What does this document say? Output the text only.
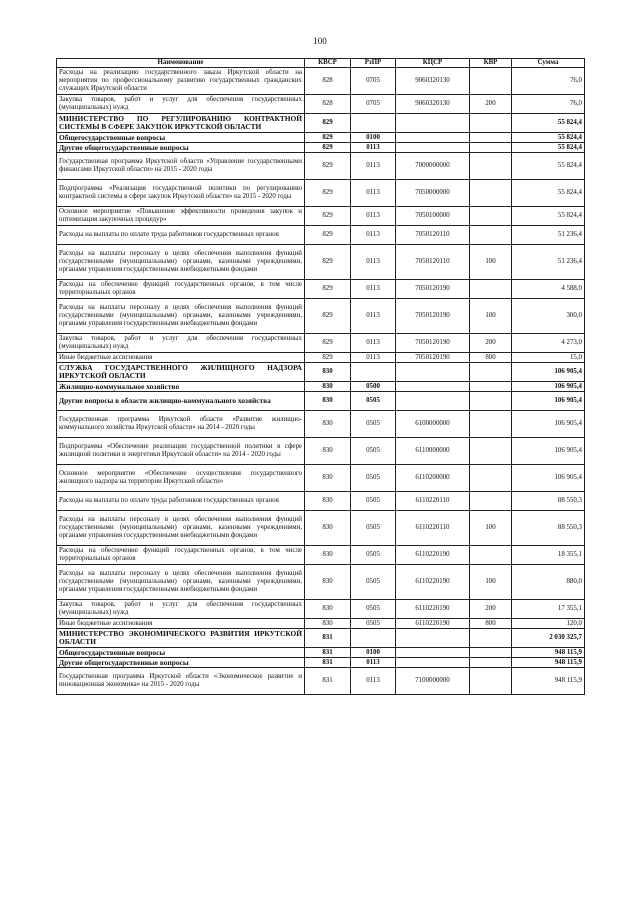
100
Наименование	КВСР	РзПР	КЦСР	КВР	Сумма
Расходы на реализацию государственного заказа Иркутской области на мероприятия по профессиональному развитию государственных гражданских служащих Иркутской области	828	0705	9060320130		76,0
Закупка товаров, работ и услуг для обеспечения государственных (муниципальных) нужд	828	0705	9060320130	200	76,0
МИНИСТЕРСТВО ПО РЕГУЛИРОВАНИЮ КОНТРАКТНОЙ СИСТЕМЫ В СФЕРЕ ЗАКУПОК ИРКУТСКОЙ ОБЛАСТИ	829				55 824,4
Общегосударственные вопросы	829	0100			55 824,4
Другие общегосударственные вопросы	829	0113			55 824,4
Государственная программа Иркутской области «Управление государственными финансами Иркутской области» на 2015 - 2020 годы	829	0113	7000000000		55 824,4
Подпрограмма «Реализация государственной политики по регулированию контрактной системы в сфере закупок Иркутской области» на 2015 - 2020 годы	829	0113	7050000000		55 824,4
Основное мероприятие «Повышение эффективности проведения закупок и оптимизация закупочных процедур»	829	0113	7050100000		55 824,4
Расходы на выплаты по оплате труда работников государственных органов	829	0113	7050120110		51 236,4
Расходы на выплаты персоналу в целях обеспечения выполнения функций государственными (муниципальными) органами, казенными учреждениями, органами управления государственными внебюджетными фондами	829	0113	7050120110	100	51 236,4
Расходы на обеспечение функций государственных органов, в том числе территориальных органов	829	0113	7050120190		4 588,0
Расходы на выплаты персоналу в целях обеспечения выполнения функций государственными (муниципальными) органами, казенными учреждениями, органами управления государственными внебюджетными фондами	829	0113	7050120190	100	300,0
Закупка товаров, работ и услуг для обеспечения государственных (муниципальных) нужд	829	0113	7050120190	200	4 273,0
Иные бюджетные ассигнования	829	0113	7050120190	800	15,0
СЛУЖБА ГОСУДАРСТВЕННОГО ЖИЛИЩНОГО НАДЗОРА ИРКУТСКОЙ ОБЛАСТИ	830				106 905,4
Жилищно-коммунальное хозяйство	830	0500			106 905,4
Другие вопросы в области жилищно-коммунального хозяйства	830	0505			106 905,4
Государственная программа Иркутской области «Развитие жилищно-коммунального хозяйства Иркутской области» на 2014 - 2020 годы	830	0505	6100000000		106 905,4
Подпрограмма «Обеспечение реализации государственной политики в сфере жилищной политики и энергетики Иркутской области» на 2014 - 2020 годы	830	0505	6110000000		106 905,4
Основное мероприятие «Обеспечение осуществления государственного жилищного надзора на территории Иркутской области»	830	0505	6110200000		106 905,4
Расходы на выплаты по оплате труда работников государственных органов	830	0505	6110220110		88 550,3
Расходы на выплаты персоналу в целях обеспечения выполнения функций государственными (муниципальными) органами, казенными учреждениями, органами управления государственными внебюджетными фондами	830	0505	6110220110	100	88 550,3
Расходы на обеспечение функций государственных органов, в том числе территориальных органов	830	0505	6110220190		18 355,1
Расходы на выплаты персоналу в целях обеспечения выполнения функций государственными (муниципальными) органами, казенными учреждениями, органами управления государственными внебюджетными фондами	830	0505	6110220190	100	880,0
Закупка товаров, работ и услуг для обеспечения государственных (муниципальных) нужд	830	0505	6110220190	200	17 355,1
Иные бюджетные ассигнования	830	0505	6110220190	800	120,0
МИНИСТЕРСТВО ЭКОНОМИЧЕСКОГО РАЗВИТИЯ ИРКУТСКОЙ ОБЛАСТИ	831				2 030 325,7
Общегосударственные вопросы	831	0100			948 115,9
Другие общегосударственные вопросы	831	0113			948 115,9
Государственная программа Иркутской области «Экономическое развитие и инновационная экономика» на 2015 - 2020 годы	831	0113	7100000000		948 115,9
